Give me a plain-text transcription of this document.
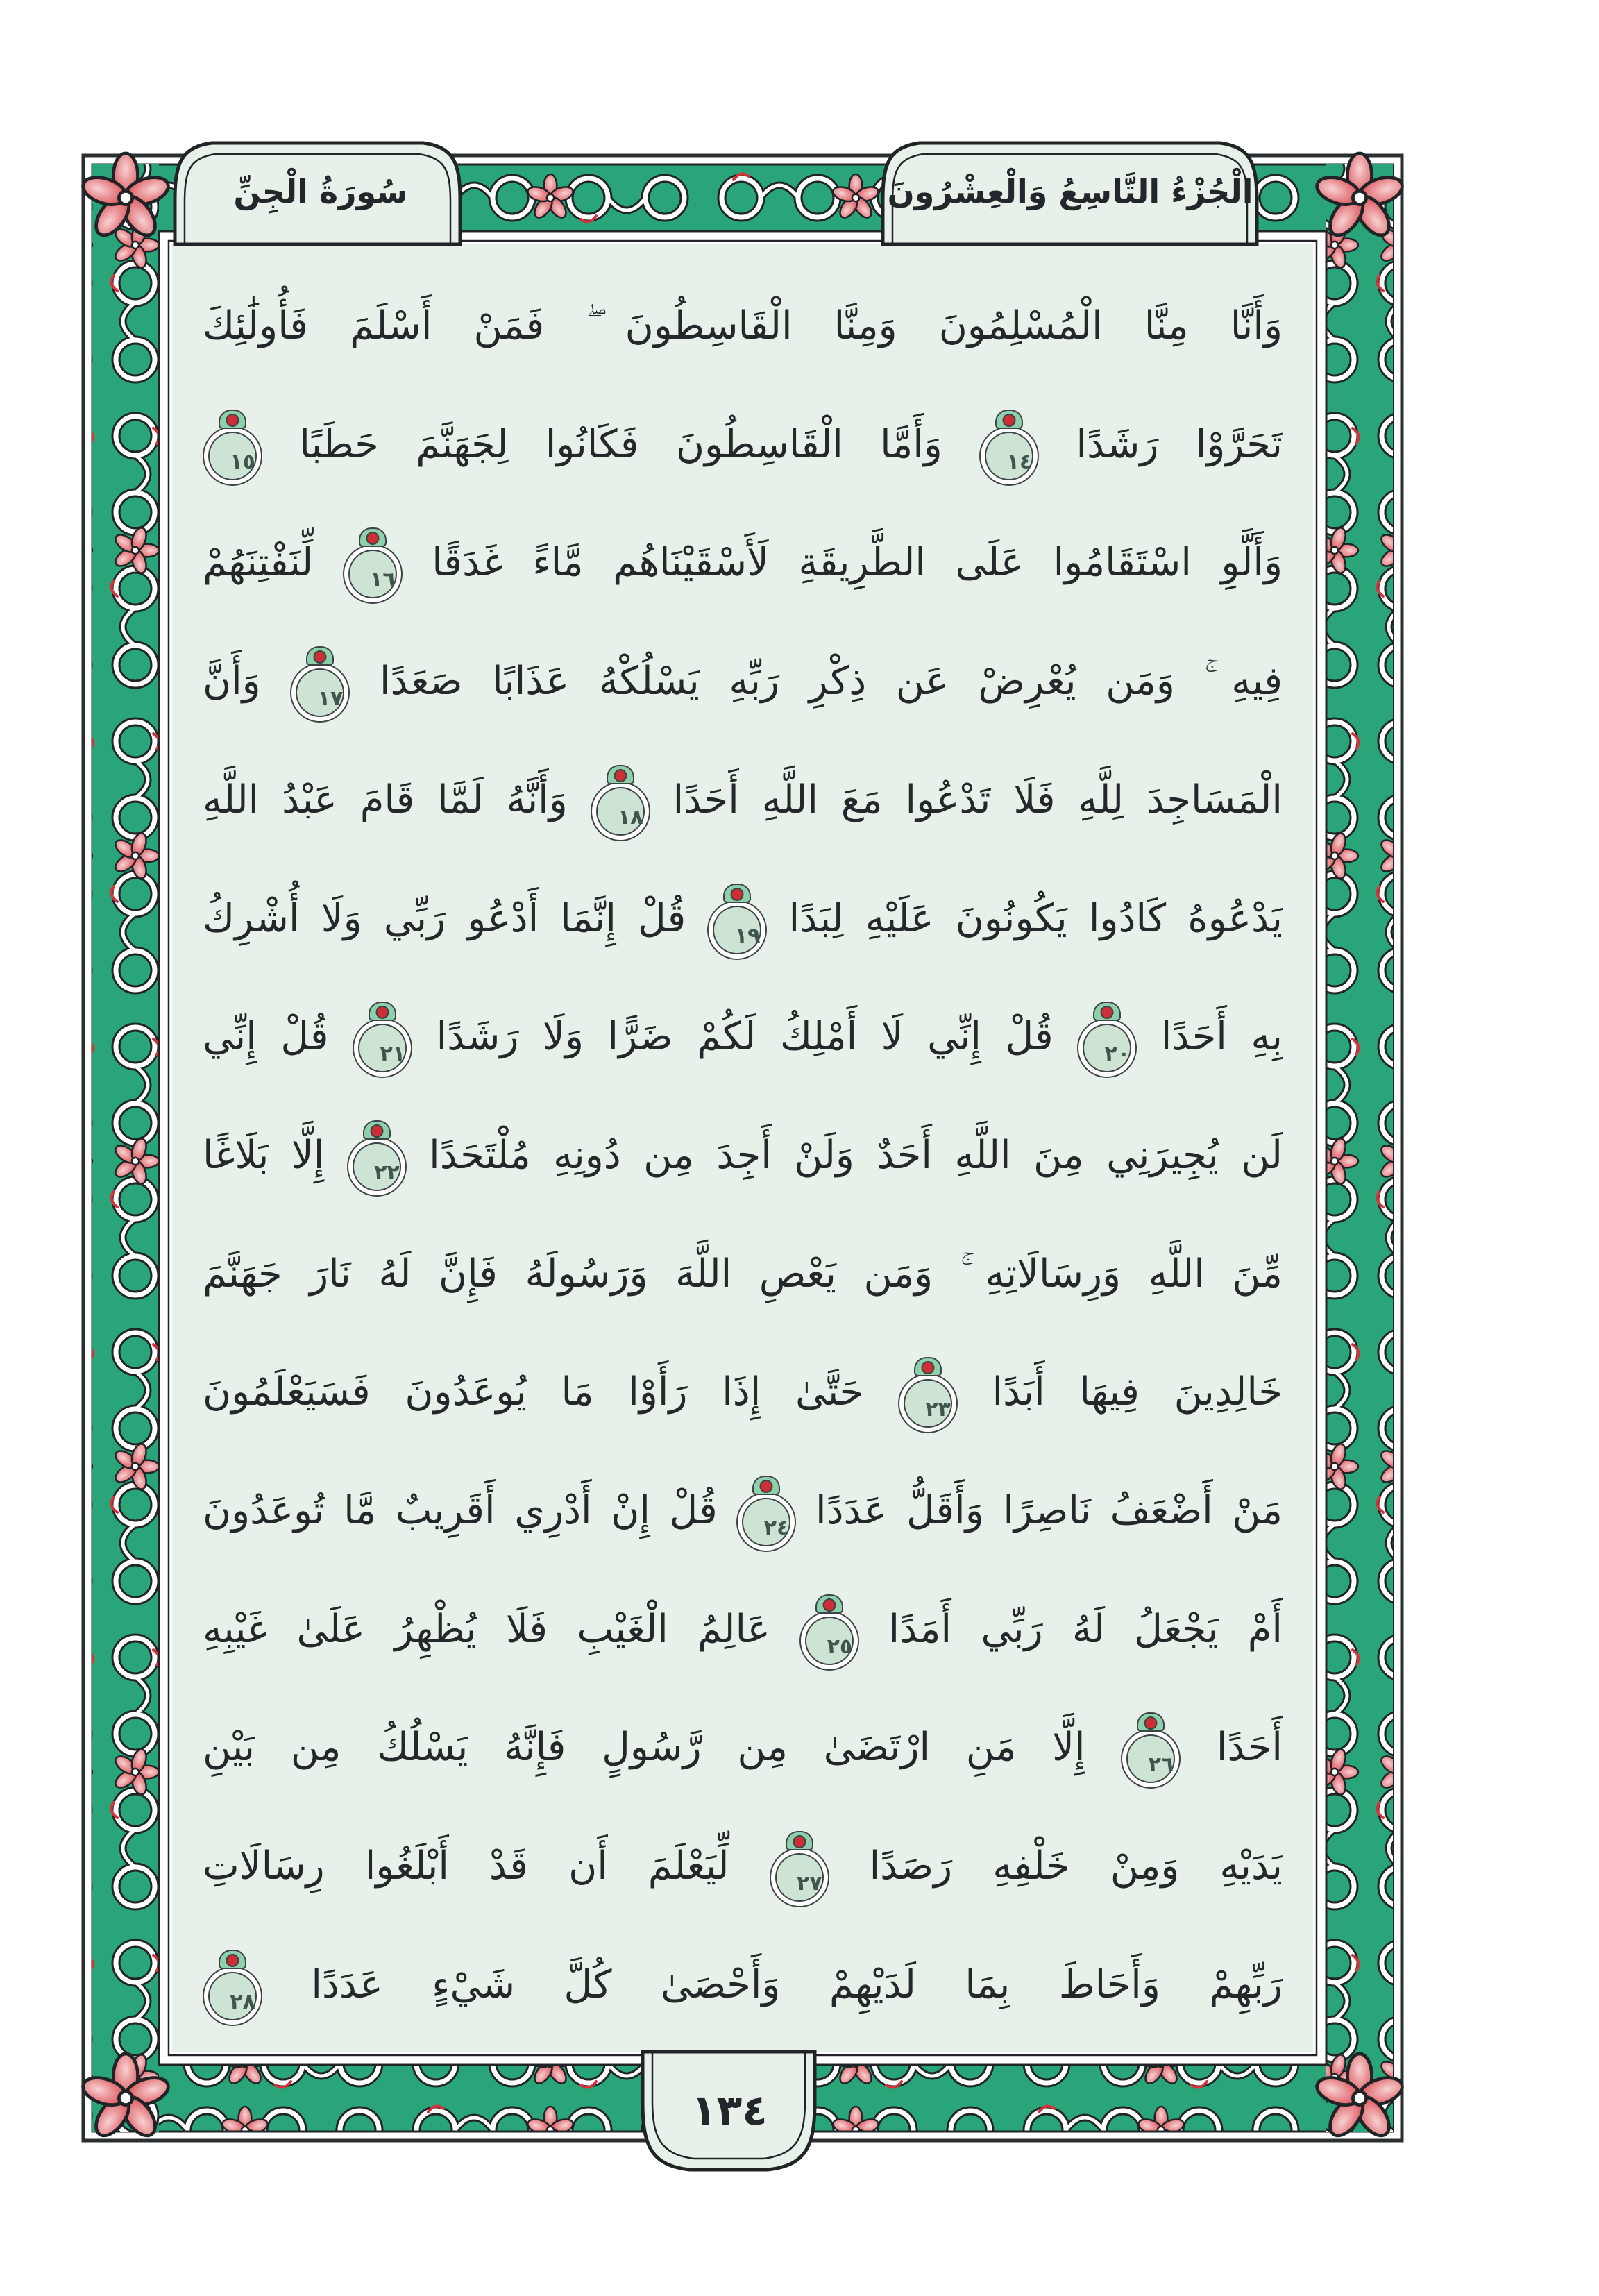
سُورَةُ الْجِنِّ	الْجُزْءُ التَّاسِعُ وَالْعِشْرُونَ
وَأَنَّا مِنَّا الْمُسْلِمُونَ وَمِنَّا الْقَاسِطُونَ ۖ فَمَنْ أَسْلَمَ فَأُولَٰئِكَ
تَحَرَّوْا رَشَدًا ١٤ وَأَمَّا الْقَاسِطُونَ فَكَانُوا لِجَهَنَّمَ حَطَبًا ١٥
وَأَلَّوِ اسْتَقَامُوا عَلَى الطَّرِيقَةِ لَأَسْقَيْنَاهُم مَّاءً غَدَقًا ١٦ لِّنَفْتِنَهُمْ
فِيهِ ۚ وَمَن يُعْرِضْ عَن ذِكْرِ رَبِّهِ يَسْلُكْهُ عَذَابًا صَعَدًا ١٧ وَأَنَّ
الْمَسَاجِدَ لِلَّهِ فَلَا تَدْعُوا مَعَ اللَّهِ أَحَدًا ١٨ وَأَنَّهُ لَمَّا قَامَ عَبْدُ اللَّهِ
يَدْعُوهُ كَادُوا يَكُونُونَ عَلَيْهِ لِبَدًا ١٩ قُلْ إِنَّمَا أَدْعُو رَبِّي وَلَا أُشْرِكُ
بِهِ أَحَدًا ٢٠ قُلْ إِنِّي لَا أَمْلِكُ لَكُمْ ضَرًّا وَلَا رَشَدًا ٢١ قُلْ إِنِّي
لَن يُجِيرَنِي مِنَ اللَّهِ أَحَدٌ وَلَنْ أَجِدَ مِن دُونِهِ مُلْتَحَدًا ٢٢ إِلَّا بَلَاغًا
مِّنَ اللَّهِ وَرِسَالَاتِهِ ۚ وَمَن يَعْصِ اللَّهَ وَرَسُولَهُ فَإِنَّ لَهُ نَارَ جَهَنَّمَ
خَالِدِينَ فِيهَا أَبَدًا ٢٣ حَتَّىٰ إِذَا رَأَوْا مَا يُوعَدُونَ فَسَيَعْلَمُونَ
مَنْ أَضْعَفُ نَاصِرًا وَأَقَلُّ عَدَدًا ٢٤ قُلْ إِنْ أَدْرِي أَقَرِيبٌ مَّا تُوعَدُونَ
أَمْ يَجْعَلُ لَهُ رَبِّي أَمَدًا ٢٥ عَالِمُ الْغَيْبِ فَلَا يُظْهِرُ عَلَىٰ غَيْبِهِ
أَحَدًا ٢٦ إِلَّا مَنِ ارْتَضَىٰ مِن رَّسُولٍ فَإِنَّهُ يَسْلُكُ مِن بَيْنِ
يَدَيْهِ وَمِنْ خَلْفِهِ رَصَدًا ٢٧ لِّيَعْلَمَ أَن قَدْ أَبْلَغُوا رِسَالَاتِ
رَبِّهِمْ وَأَحَاطَ بِمَا لَدَيْهِمْ وَأَحْصَىٰ كُلَّ شَيْءٍ عَدَدًا ٢٨
١٣٤
